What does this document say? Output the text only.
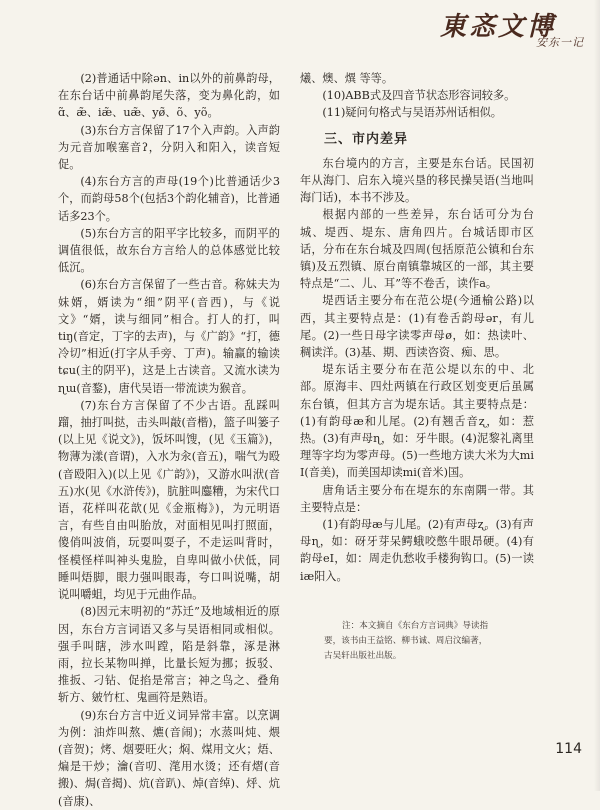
東忞文博
安东一记

(2)普通话中除ən、in以外的前鼻韵母，在东台话中前鼻韵尾失落，变为鼻化韵，如ɑ̃、æ̃、iæ̃、uæ̃、yø̃、õ、yõ。

(3)东台方言保留了17个入声韵。入声韵为元音加喉塞音ʔ，分阴入和阳入，读音短促。

(4)东台方言的声母(19个)比普通话少3个，而韵母58个(包括3个韵化辅音)，比普通话多23个。

(5)东台方言的阳平字比较多，而阴平的调值很低，故东台方言给人的总体感觉比较低沉。

(6)东台方言保留了一些古音。称妹夫为妹婿，婿读为“细”阴平(音西)，与《说文》“婿，读与细同”相合。打人的打，叫tiŋ(音定，丁字的去声)，与《广韵》“打，德冷切”相近(打字从手旁、丁声)。输赢的输读tɕu(主的阴平)，这是上古读音。又流水读为ɳɯ(音鍪)，唐代吴语一带流读为猴音。

(7)东台方言保留了不少古语。乱踩叫蹓，抽打叫挞，击头叫敲(音楷)，篮子叫篓子(以上见《说文》)，饭坏叫馊，(见《玉篇》)，物薄为漾(音谓)，入水为汆(音五)，喘气为殴(音殴阳入)(以上见《广韵》)，又游水叫洑(音五)水(见《水浒传》)，肮脏叫鏖糟，为宋代口语，花样叫花歆(见《金瓶梅》)，为元明语言，有些自由叫胎放，对面相见叫打照面，傻俏叫波俏，玩耍叫耍子，不走运叫背时，怪模怪样叫神头鬼脸，自卑叫做小伏低，同睡叫焐脚，眼力强叫眼毒，夸口叫说嘴，胡说叫嚼蛆，均见于元曲作品。

(8)因元末明初的“苏迁”及地域相近的原因，东台方言词语又多与吴语相同或相似。强手叫瞎，涉水叫蹚，陷是斜靠，涿是淋雨，拉长某物叫掸，比量长短为挪；扳驳、推扳、刁钻、促掐是常言；神之鸟之、叠角斩方、皴竹杠、鬼画符是熟语。

(9)东台方言中近义词异常丰富。以烹调为例：油炸叫熬、爊(音闹)；水蒸叫炖、煨(音贺)；烤、烟要旺火；焖、煤用文火；焐、煸是干炒；瀹(音叨、滗用水烫；还有熠(音搬)、焗(音揭)、炕(音趴)、焯(音绰)、烀、炕(音康)、

爔、燠、熼 等等。

(10)ABB式及四音节状态形容词较多。

(11)疑问句格式与吴语苏州话相似。

三、市内差异

东台境内的方言，主要是东台话。民国初年从海门、启东入境兴垦的移民操吴语(当地叫海门话)，本书不涉及。

根据内部的一些差异，东台话可分为台城、堤西、堤东、唐角四片。台城话即市区话，分布在东台城及四周(包括原范公镇和台东镇)及五烈镇、原台南镇靠城区的一部，其主要特点是“二、儿、耳”等不卷舌，读作a。

堤西话主要分布在范公堤(今通榆公路)以西，其主要特点是：(1)有卷舌韵母ər，有儿尾。(2)一些日母字读零声母ø，如：热读叶、稠读洋。(3)基、期、西读咨资、痴、思。

堤东话主要分布在范公堤以东的中、北部。原海丰、四灶两镇在行政区划变更后虽属东台镇，但其方言为堤东话。其主要特点是：(1)有韵母æ和儿尾。(2)有翘舌音ʐ，如：惹热。(3)有声母ɳ，如：牙牛眼。(4)泥黎礼离里理等字均为零声母。(5)一些地方读大米为大mi I(音美)，而美国却读mi(音米)国。

唐角话主要分布在堤东的东南隅一带。其主要特点是：

(1)有韵母æ与儿尾。(2)有声母ʐ。(3)有声母ɳ，如：砑牙芽呆鳄蛾咬憋牛眼昂硬。(4)有韵母eI，如：周走仇愁收手楼狗钩口。(5)一读iæ阳入。

注：本文摘自《东台方言词典》导读指
要，该书由王益铭、柳书诚、周启汶编著，
古吴轩出版社出版。
114
